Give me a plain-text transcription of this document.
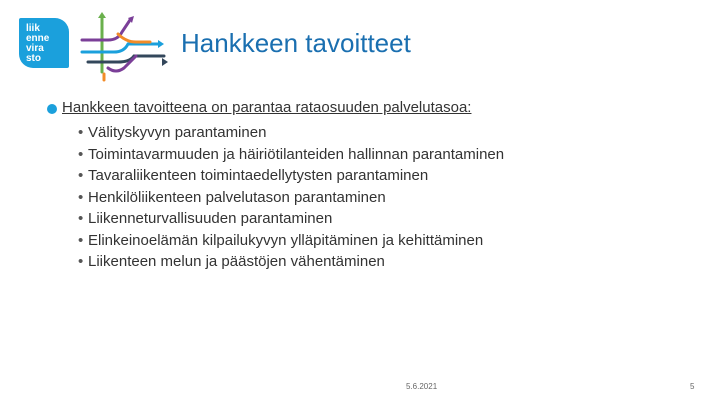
liik
enne
vira
sto
Hankkeen tavoitteet
Hankkeen tavoitteena on parantaa rataosuuden palvelutasoa:
• Välityskyvyn parantaminen
• Toimintavarmuuden ja häiriötilanteiden hallinnan parantaminen
• Tavaraliikenteen toimintaedellytysten parantaminen
• Henkilöliikenteen palvelutason parantaminen
• Liikenneturvallisuuden parantaminen
• Elinkeinoelämän kilpailukyvyn ylläpitäminen ja kehittäminen
• Liikenteen melun ja päästöjen vähentäminen
5.6.2021	5
